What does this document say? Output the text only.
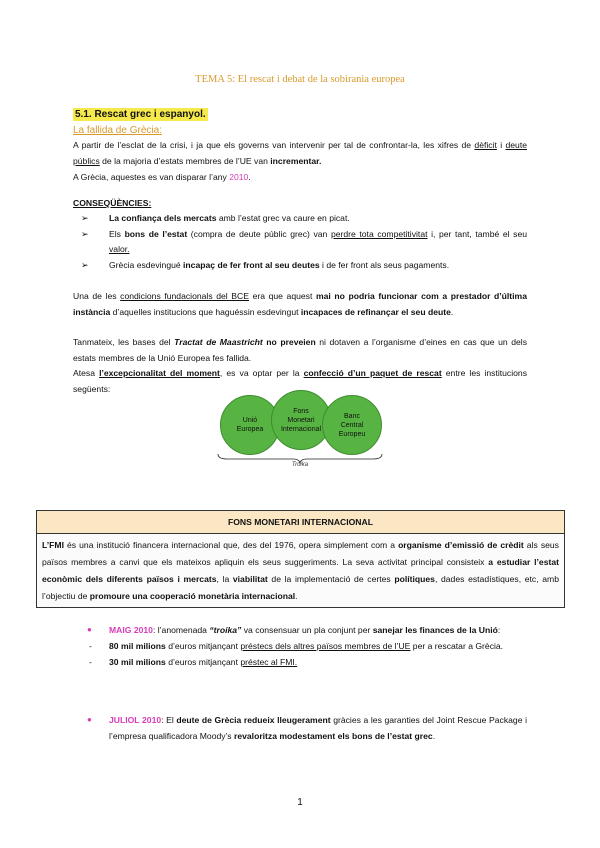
TEMA 5: El rescat i debat de la sobirania europea
5.1. Rescat grec i espanyol.
La fallida de Grècia:
A partir de l’esclat de la crisi, i ja que els governs van intervenir per tal de confrontar-la, les xifres de dèficit i deute públics de la majoria d’estats membres de l’UE van incrementar.
A Grècia, aquestes es van disparar l’any 2010.
CONSEQÜÈNCIES:
➢ La confiança dels mercats amb l’estat grec va caure en picat.
➢ Els bons de l’estat (compra de deute públic grec) van perdre tota competitivitat i, per tant, també el seu valor.
➢ Grècia esdevingué incapaç de fer front al seu deutes i de fer front als seus pagaments.
Una de les condicions fundacionals del BCE era que aquest mai no podria funcionar com a prestador d’última instància d’aquelles institucions que haguéssin esdevingut incapaces de refinançar el seu deute.
Tanmateix, les bases del Tractat de Maastricht no preveien ni dotaven a l’organisme d’eines en cas que un dels estats membres de la Unió Europea fes fallida.
Atesa l’excepcionalitat del moment, es va optar per la confecció d’un paquet de rescat entre les institucions següents:
Unió
Europea
Fons
Monetari
Internacional
Banc
Central
Europeu
Troika
FONS MONETARI INTERNACIONAL
L’FMI és una institució financera internacional que, des del 1976, opera simplement com a organisme d’emissió de crèdit als seus països membres a canvi que els mateixos apliquin els seus suggeriments. La seva activitat principal consisteix a estudiar l’estat econòmic dels diferents països i mercats, la viabilitat de la implementació de certes polítiques, dades estadístiques, etc, amb l’objectiu de promoure una cooperació monetària internacional.
● MAIG 2010: l’anomenada “troika” va consensuar un pla conjunt per sanejar les finances de la Unió:
- 80 mil milions d’euros mitjançant préstecs dels altres països membres de l’UE per a rescatar a Grècia.
- 30 mil milions d’euros mitjançant préstec al FMI.
● JULIOL 2010: El deute de Grècia redueix lleugerament gràcies a les garanties del Joint Rescue Package i l’empresa qualificadora Moody’s revaloritza modestament els bons de l’estat grec.
1
